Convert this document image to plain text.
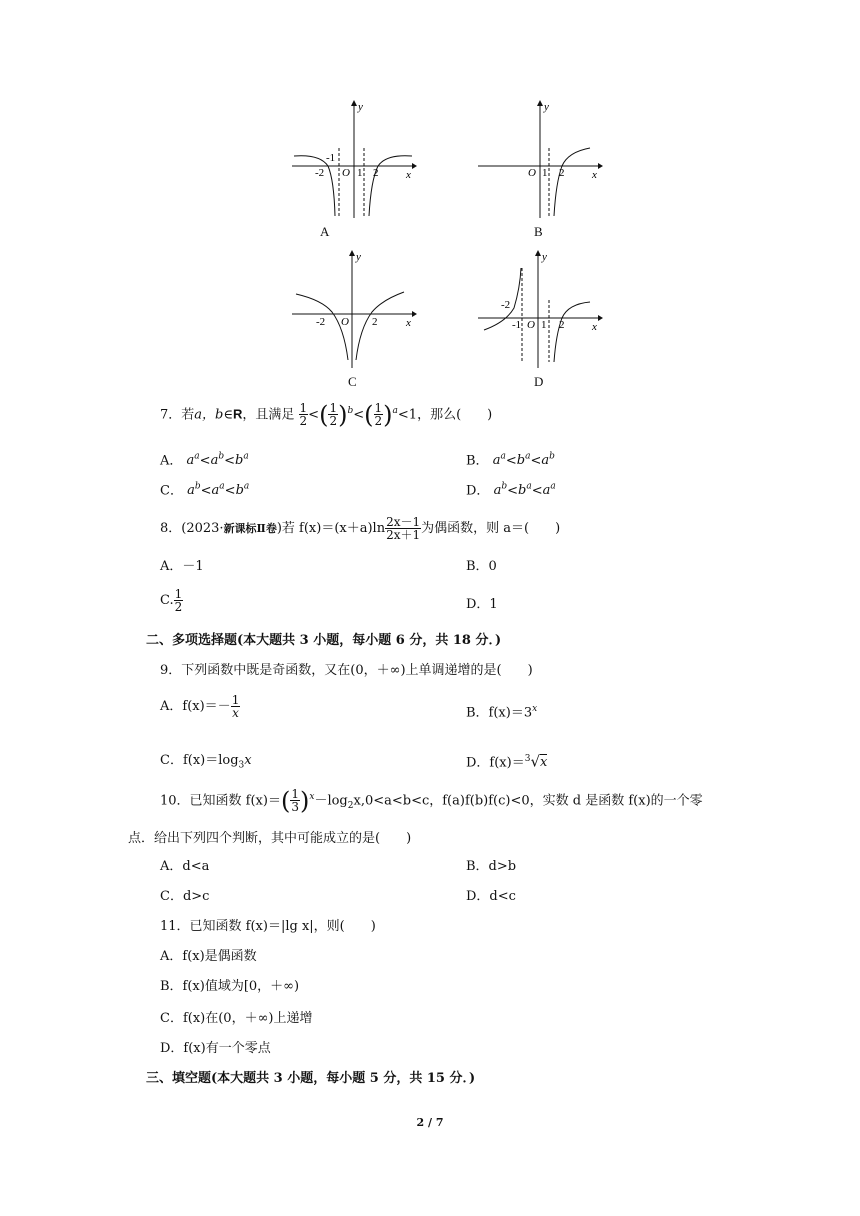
-1
-2 O 1 2	x
y
A
O 1 2	x
y
B
-2 O 2	x
y
C
-2
-1 O 1 2	x
y
D
7．若a，b∈R，且满足 $\frac{1}{2}$ <( $\frac{1}{2} )^b<( \frac{1}{2} )^a<1$，那么(　　)
A． $a^a<a^b<b^a$	B． $a^a<b^a<a^b$
C． $a^b<a^a<b^a$	D． $a^b<b^a<a^a$
8．(2023·新课标Ⅱ卷)若 $f(x)=(x+a)\ln \frac{2x-1}{2x+1}$ 为偶函数，则 a＝(　　)
A．－1	B．0
C. $\frac{1}{2}$	D．1
二、多项选择题(本大题共 3 小题，每小题 6 分，共 18 分．)
9．下列函数中既是奇函数，又在(0，＋∞)上单调递增的是(　　)
A．$f(x)=- \frac{1}{x}$	B．$f(x)=3^x$
C．$f(x)=\log_3x$	D．f(x)＝$^3$√x
10．已知函数 $f(x)=( \frac{1}{3} )^x-\log_2x,0<a<b<c$，f(a)f(b)f(c)<0，实数 d 是函数 f(x)的一个零
点．给出下列四个判断，其中可能成立的是(　　)
A．d<a	B．d>b
C．d>c	D．d<c
11．已知函数 f(x)＝|lg x|，则(　　)
A．f(x)是偶函数
B．f(x)值域为[0，＋∞)
C．f(x)在(0，＋∞)上递增
D．f(x)有一个零点
三、填空题(本大题共 3 小题，每小题 5 分，共 15 分．)
2 / 7
